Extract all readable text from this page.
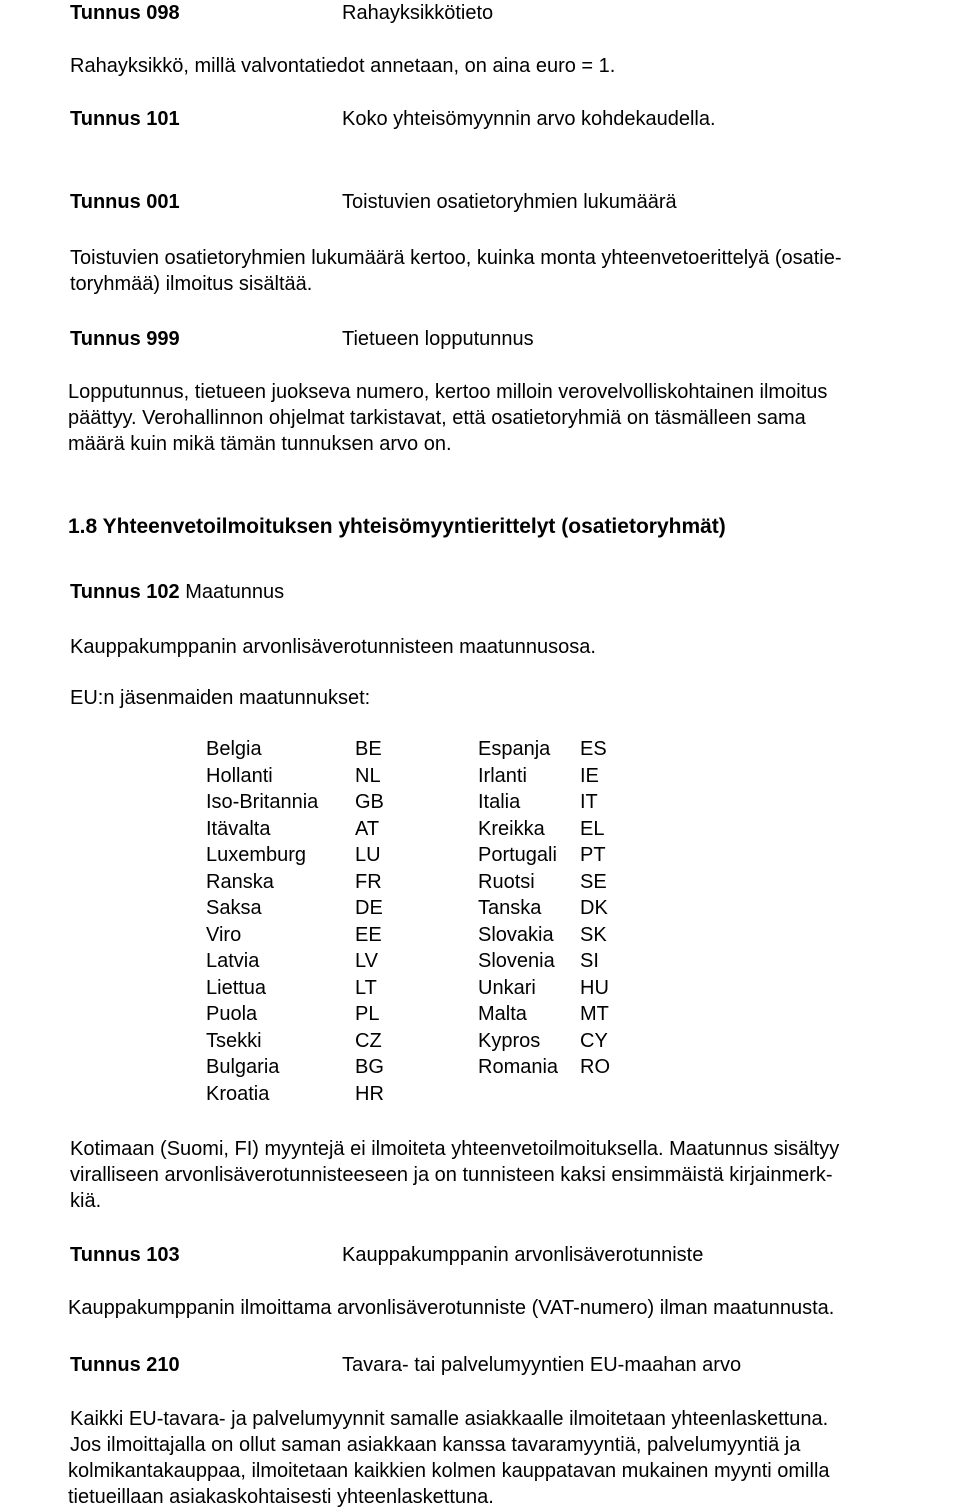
Tunnus 098	Rahayksikkötieto
Rahayksikkö, millä valvontatiedot annetaan, on aina euro = 1.
Tunnus 101	Koko yhteisömyynnin arvo kohdekaudella.
Tunnus 001	Toistuvien osatietoryhmien lukumäärä
Toistuvien osatietoryhmien lukumäärä kertoo, kuinka monta yhteenvetoerittelyä (osatie-
toryhmää) ilmoitus sisältää.
Tunnus 999	Tietueen lopputunnus
Lopputunnus, tietueen juokseva numero, kertoo milloin verovelvolliskohtainen ilmoitus
päättyy. Verohallinnon ohjelmat tarkistavat, että osatietoryhmiä on täsmälleen sama
määrä kuin mikä tämän tunnuksen arvo on.
1.8 Yhteenvetoilmoituksen yhteisömyyntierittelyt (osatietoryhmät)
Tunnus 102 Maatunnus
Kauppakumppanin arvonlisäverotunnisteen maatunnusosa.
EU:n jäsenmaiden maatunnukset:
Belgia	BE	Espanja ES
Hollanti	NL	Irlanti	IE
Iso-Britannia GB	Italia	IT
Itävalta	AT	Kreikka EL
Luxemburg LU	Portugali PT
Ranska	FR	Ruotsi SE
Saksa	DE	Tanska DK
Viro	EE	Slovakia SK
Latvia	LV	Slovenia SI
Liettua	LT	Unkari HU
Puola	PL	Malta	MT
Tsekki	CZ	Kypros CY
Bulgaria	BG	Romania RO
Kroatia	HR
Kotimaan (Suomi, FI) myyntejä ei ilmoiteta yhteenvetoilmoituksella. Maatunnus sisältyy
viralliseen arvonlisäverotunnisteeseen ja on tunnisteen kaksi ensimmäistä kirjainmerk-
kiä.
Tunnus 103	Kauppakumppanin arvonlisäverotunniste
Kauppakumppanin ilmoittama arvonlisäverotunniste (VAT-numero) ilman maatunnusta.
Tunnus 210	Tavara- tai palvelumyyntien EU-maahan arvo
Kaikki EU-tavara- ja palvelumyynnit samalle asiakkaalle ilmoitetaan yhteenlaskettuna.
Jos ilmoittajalla on ollut saman asiakkaan kanssa tavaramyyntiä, palvelumyyntiä ja
kolmikantakauppaa, ilmoitetaan kaikkien kolmen kauppatavan mukainen myynti omilla
tietueillaan asiakaskohtaisesti yhteenlaskettuna.
